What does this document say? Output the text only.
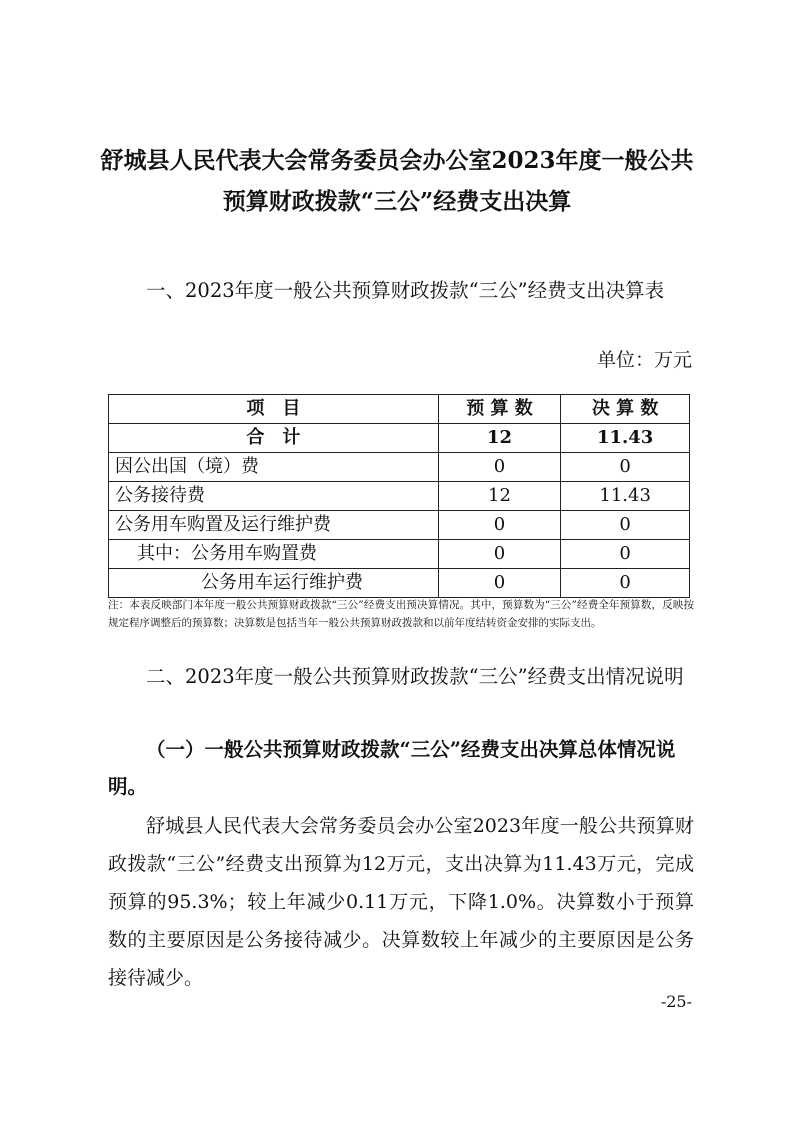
舒城县人民代表大会常务委员会办公室2023年度一般公共预算财政拨款“三公”经费支出决算
一、2023年度一般公共预算财政拨款“三公”经费支出决算表
单位：万元
项　目	预 算 数	决 算 数
合　计	12	11.43
因公出国（境）费	0	0
公务接待费	12	11.43
公务用车购置及运行维护费	0	0
其中：公务用车购置费	0	0
公务用车运行维护费	0	0
注：本表反映部门本年度一般公共预算财政拨款“三公”经费支出预决算情况。其中，预算数为“三公”经费全年预算数，反映按规定程序调整后的预算数；决算数是包括当年一般公共预算财政拨款和以前年度结转资金安排的实际支出。
二、2023年度一般公共预算财政拨款“三公”经费支出情况说明
（一）一般公共预算财政拨款“三公”经费支出决算总体情况说明。
舒城县人民代表大会常务委员会办公室2023年度一般公共预算财政拨款“三公”经费支出预算为12万元，支出决算为11.43万元，完成预算的95.3%；较上年减少0.11万元，下降1.0%。决算数小于预算数的主要原因是公务接待减少。决算数较上年减少的主要原因是公务接待减少。
-25-
